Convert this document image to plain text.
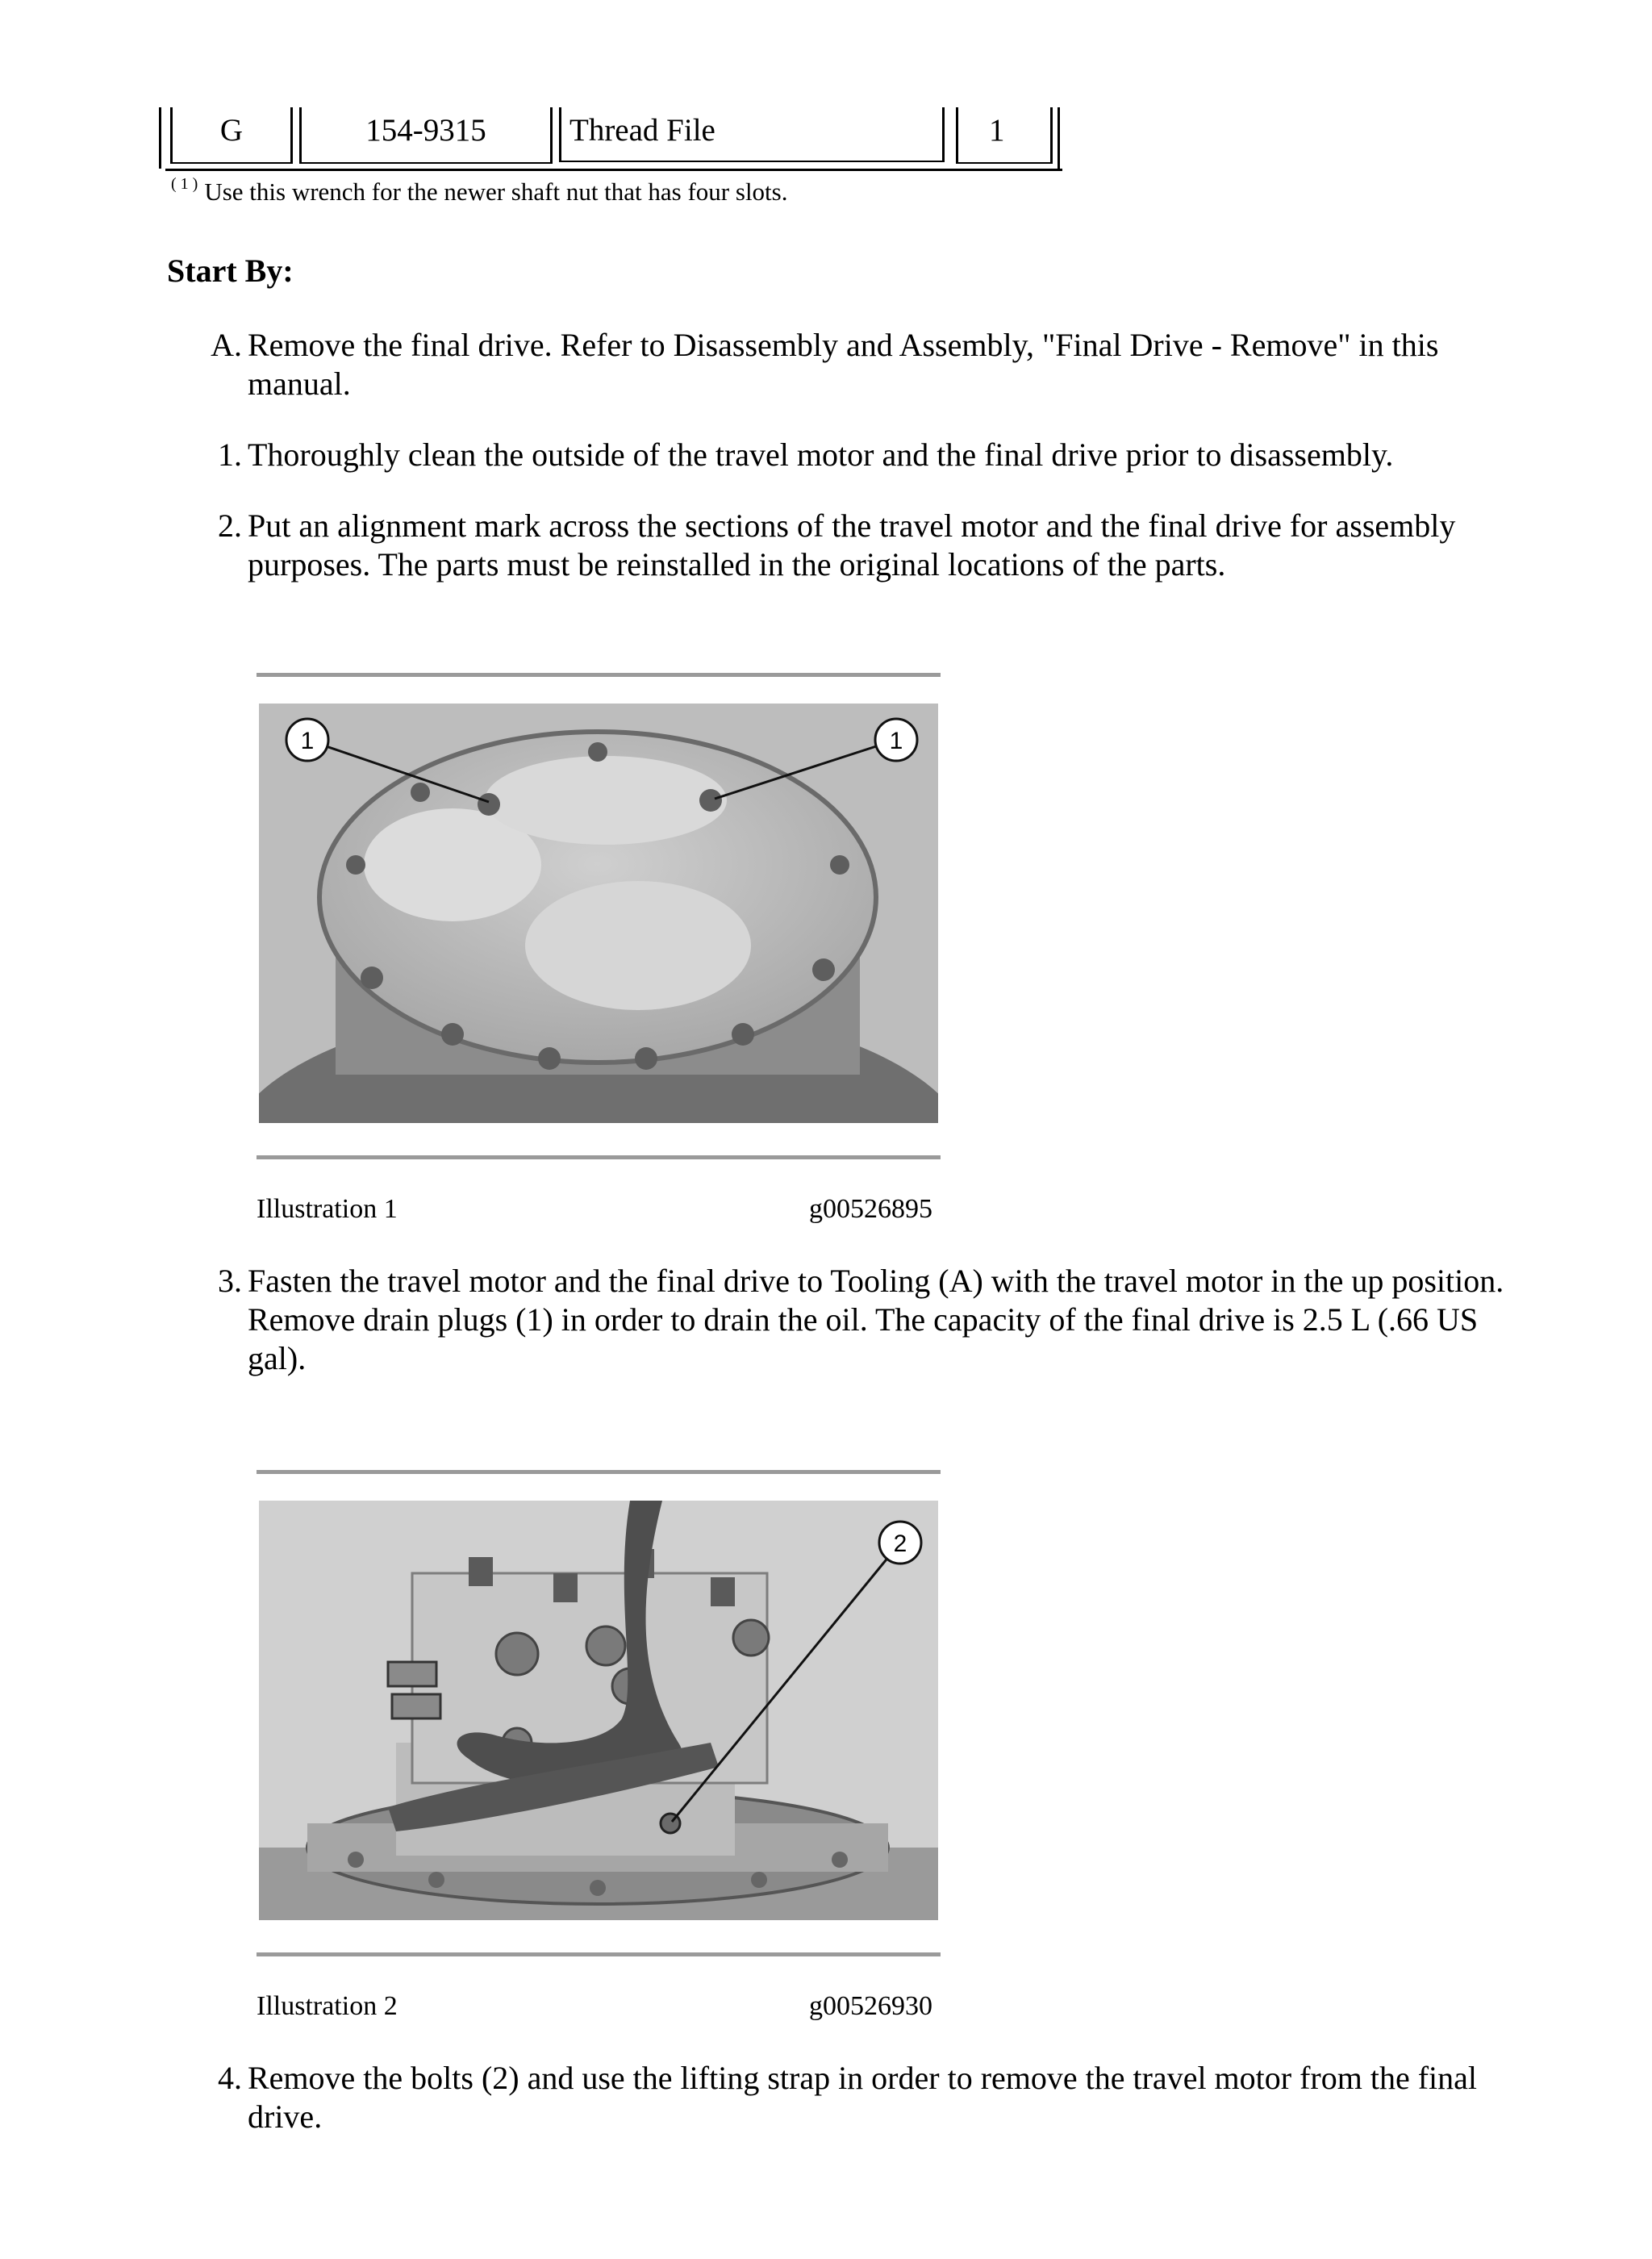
G	154-9315	Thread File	1
$^{( 1 )}$ Use this wrench for the newer shaft nut that has four slots.
Start By:
A. Remove the final drive. Refer to Disassembly and Assembly, "Final Drive - Remove" in this manual.
1. Thoroughly clean the outside of the travel motor and the final drive prior to disassembly.
2. Put an alignment mark across the sections of the travel motor and the final drive for assembly purposes. The parts must be reinstalled in the original locations of the parts.
1	1
Illustration 1	g00526895
3. Fasten the travel motor and the final drive to Tooling (A) with the travel motor in the up position. Remove drain plugs (1) in order to drain the oil. The capacity of the final drive is 2.5 L (.66 US gal).
2
Illustration 2	g00526930
4. Remove the bolts (2) and use the lifting strap in order to remove the travel motor from the final drive.
